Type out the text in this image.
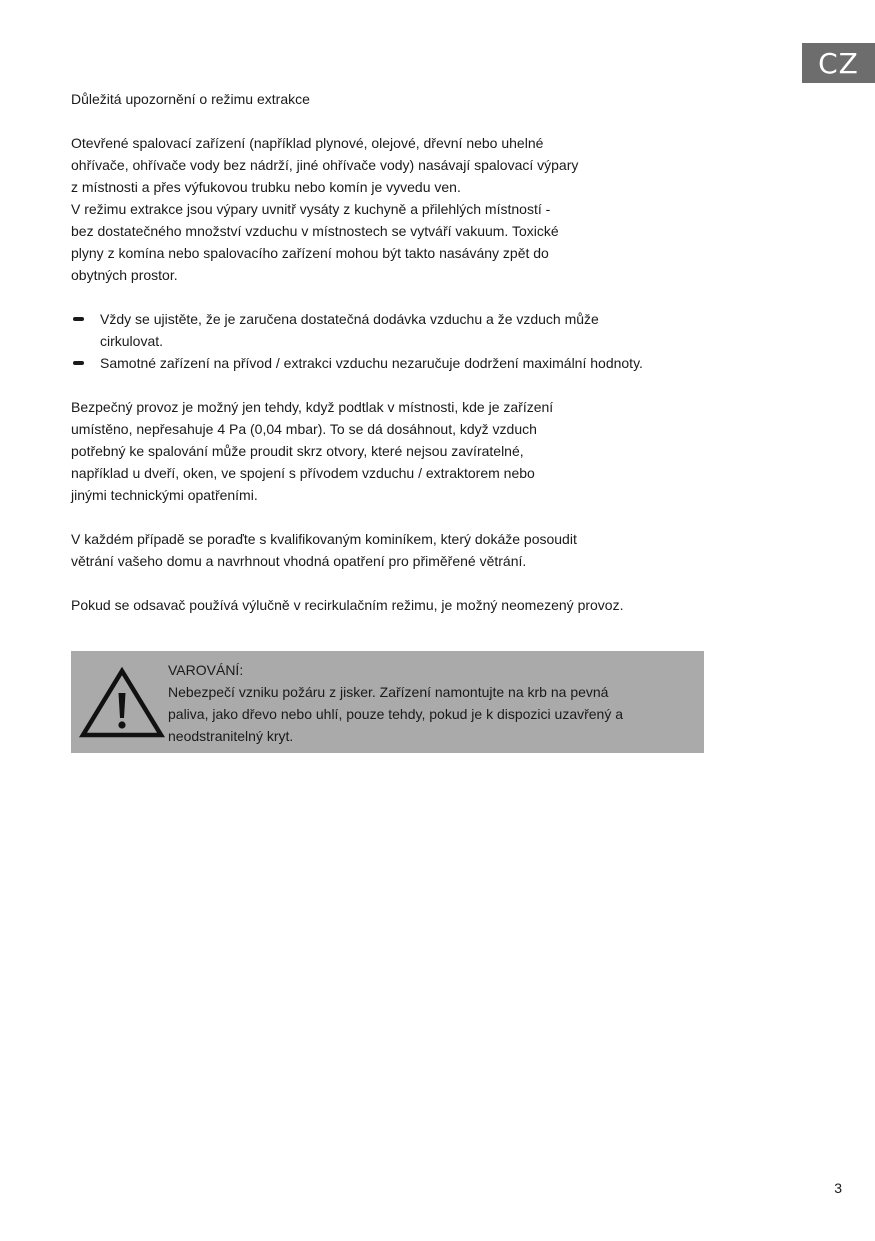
CZ
Důležitá upozornění o režimu extrakce
Otevřené spalovací zařízení (například plynové, olejové, dřevní nebo uhelné
ohřívače, ohřívače vody bez nádrží, jiné ohřívače vody) nasávají spalovací výpary
z místnosti a přes výfukovou trubku nebo komín je vyvedu ven.
V režimu extrakce jsou výpary uvnitř vysáty z kuchyně a přilehlých místností -
bez dostatečného množství vzduchu v místnostech se vytváří vakuum. Toxické
plyny z komína nebo spalovacího zařízení mohou být takto nasávány zpět do
obytných prostor.
Vždy se ujistěte, že je zaručena dostatečná dodávka vzduchu a že vzduch může
cirkulovat.
Samotné zařízení na přívod / extrakci vzduchu nezaručuje dodržení maximální hodnoty.
Bezpečný provoz je možný jen tehdy, když podtlak v místnosti, kde je zařízení
umístěno, nepřesahuje 4 Pa (0,04 mbar). To se dá dosáhnout, když vzduch
potřebný ke spalování může proudit skrz otvory, které nejsou zavíratelné,
například u dveří, oken, ve spojení s přívodem vzduchu / extraktorem nebo
jinými technickými opatřeními.
V každém případě se poraďte s kvalifikovaným kominíkem, který dokáže posoudit
větrání vašeho domu a navrhnout vhodná opatření pro přiměřené větrání.
Pokud se odsavač používá výlučně v recirkulačním režimu, je možný neomezený provoz.
VAROVÁNÍ:
Nebezpečí vzniku požáru z jisker. Zařízení namontujte na krb na pevná
paliva, jako dřevo nebo uhlí, pouze tehdy, pokud je k dispozici uzavřený a
neodstranitelný kryt.
3
